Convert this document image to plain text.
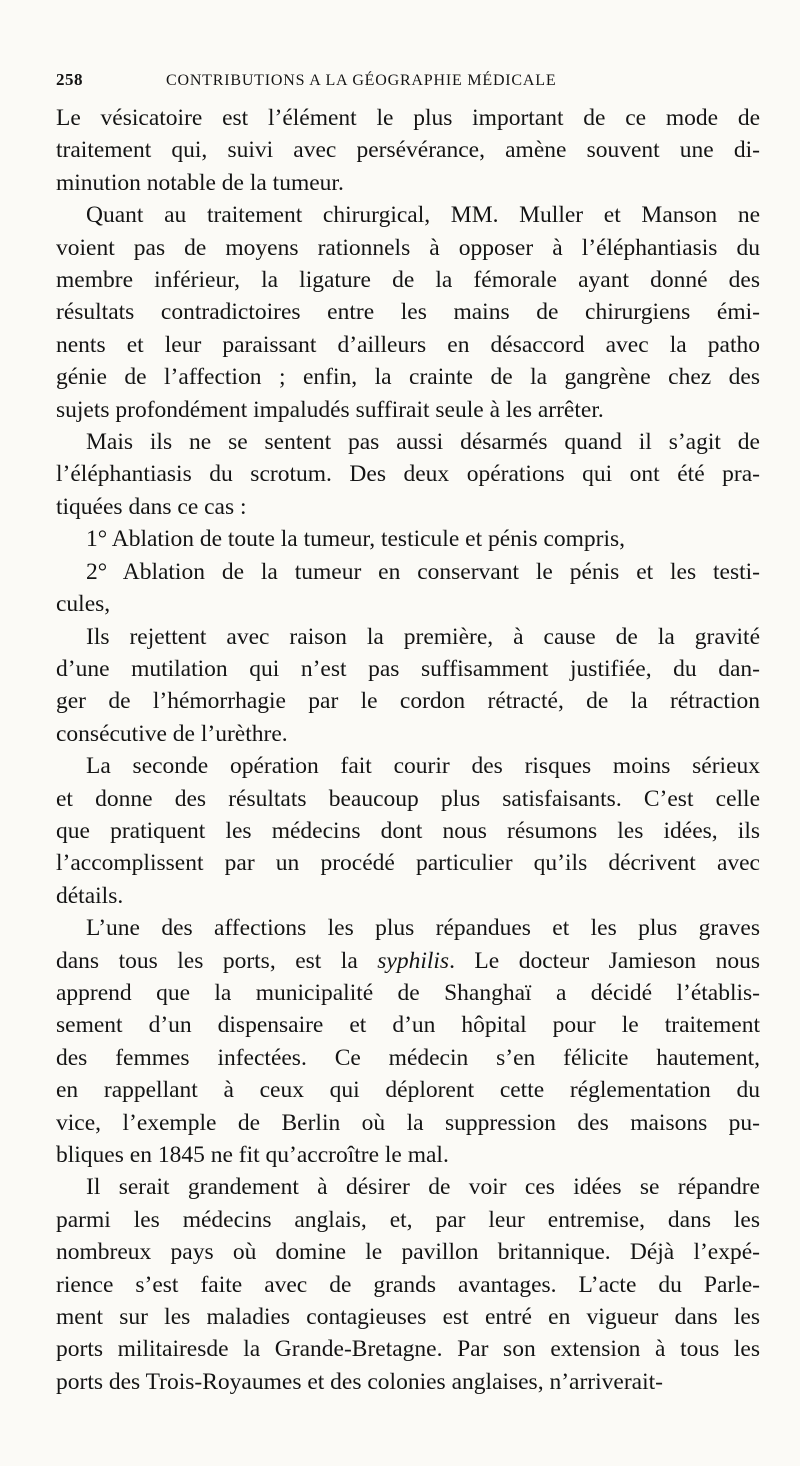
258	CONTRIBUTIONS A LA GÉOGRAPHIE MÉDICALE
Le vésicatoire est l’élément le plus important de ce mode de
traitement qui, suivi avec persévérance, amène souvent une di-
minution notable de la tumeur.
Quant au traitement chirurgical, MM. Muller et Manson ne
voient pas de moyens rationnels à opposer à l’éléphantiasis du
membre inférieur, la ligature de la fémorale ayant donné des
résultats contradictoires entre les mains de chirurgiens émi-
nents et leur paraissant d’ailleurs en désaccord avec la patho
génie de l’affection ; enfin, la crainte de la gangrène chez des
sujets profondément impaludés suffirait seule à les arrêter.
Mais ils ne se sentent pas aussi désarmés quand il s’agit de
l’éléphantiasis du scrotum. Des deux opérations qui ont été pra-
tiquées dans ce cas :
1° Ablation de toute la tumeur, testicule et pénis compris,
2° Ablation de la tumeur en conservant le pénis et les testi-
cules,
Ils rejettent avec raison la première, à cause de la gravité
d’une mutilation qui n’est pas suffisamment justifiée, du dan-
ger de l’hémorrhagie par le cordon rétracté, de la rétraction
consécutive de l’urèthre.
La seconde opération fait courir des risques moins sérieux
et donne des résultats beaucoup plus satisfaisants. C’est celle
que pratiquent les médecins dont nous résumons les idées, ils
l’accomplissent par un procédé particulier qu’ils décrivent avec
détails.
L’une des affections les plus répandues et les plus graves
dans tous les ports, est la syphilis. Le docteur Jamieson nous
apprend que la municipalité de Shanghaï a décidé l’établis-
sement d’un dispensaire et d’un hôpital pour le traitement
des femmes infectées. Ce médecin s’en félicite hautement,
en rappellant à ceux qui déplorent cette réglementation du
vice, l’exemple de Berlin où la suppression des maisons pu-
bliques en 1845 ne fit qu’accroître le mal.
Il serait grandement à désirer de voir ces idées se répandre
parmi les médecins anglais, et, par leur entremise, dans les
nombreux pays où domine le pavillon britannique. Déjà l’expé-
rience s’est faite avec de grands avantages. L’acte du Parle-
ment sur les maladies contagieuses est entré en vigueur dans les
ports militairesde la Grande-Bretagne. Par son extension à tous les
ports des Trois-Royaumes et des colonies anglaises, n’arriverait-
